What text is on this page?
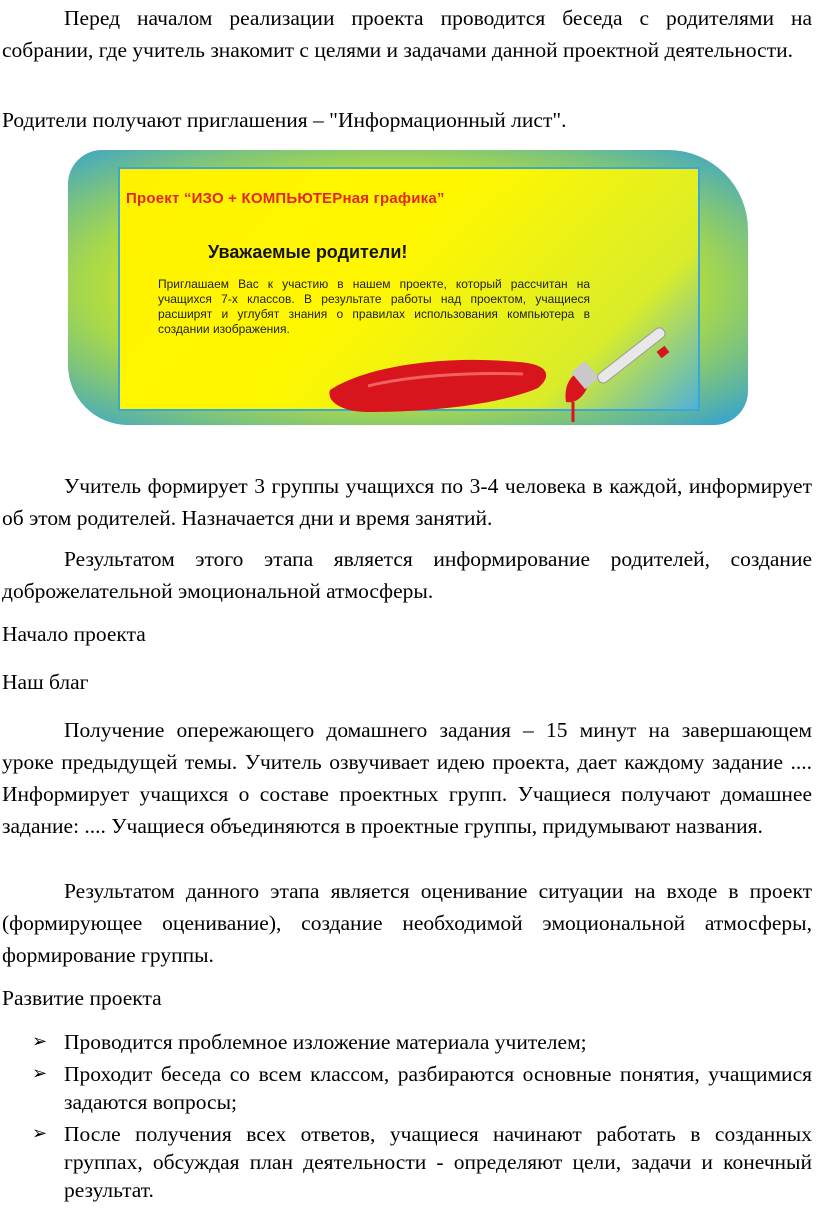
Перед началом реализации проекта проводится беседа с родителями на собрании, где учитель знакомит с целями и задачами данной проектной деятельности.

Родители получают приглашения – "Информационный лист".

Проект “ИЗО + КОМПЬЮТЕРная графика”

Уважаемые родители!

Приглашаем Вас к участию в нашем проекте, который рассчитан на учащихся 7-х классов. В результате работы над проектом, учащиеся расширят и углубят знания о правилах использования компьютера в создании изображения.

Учитель формирует 3 группы учащихся по 3-4 человека в каждой, информирует об этом родителей. Назначается дни и время занятий.

Результатом этого этапа является информирование родителей, создание доброжелательной эмоциональной атмосферы.

Начало проекта

Наш благ

Получение опережающего домашнего задания – 15 минут на завершающем уроке предыдущей темы. Учитель озвучивает идею проекта, дает каждому задание .... Информирует учащихся о составе проектных групп. Учащиеся получают домашнее задание: .... Учащиеся объединяются в проектные группы, придумывают названия.

Результатом данного этапа является оценивание ситуации на входе в проект (формирующее оценивание), создание необходимой эмоциональной атмосферы, формирование группы.

Развитие проекта

➢ Проводится проблемное изложение материала учителем;
➢ Проходит беседа со всем классом, разбираются основные понятия, учащимися задаются вопросы;
➢ После получения всех ответов, учащиеся начинают работать в созданных группах, обсуждая план деятельности - определяют цели, задачи и конечный результат.
